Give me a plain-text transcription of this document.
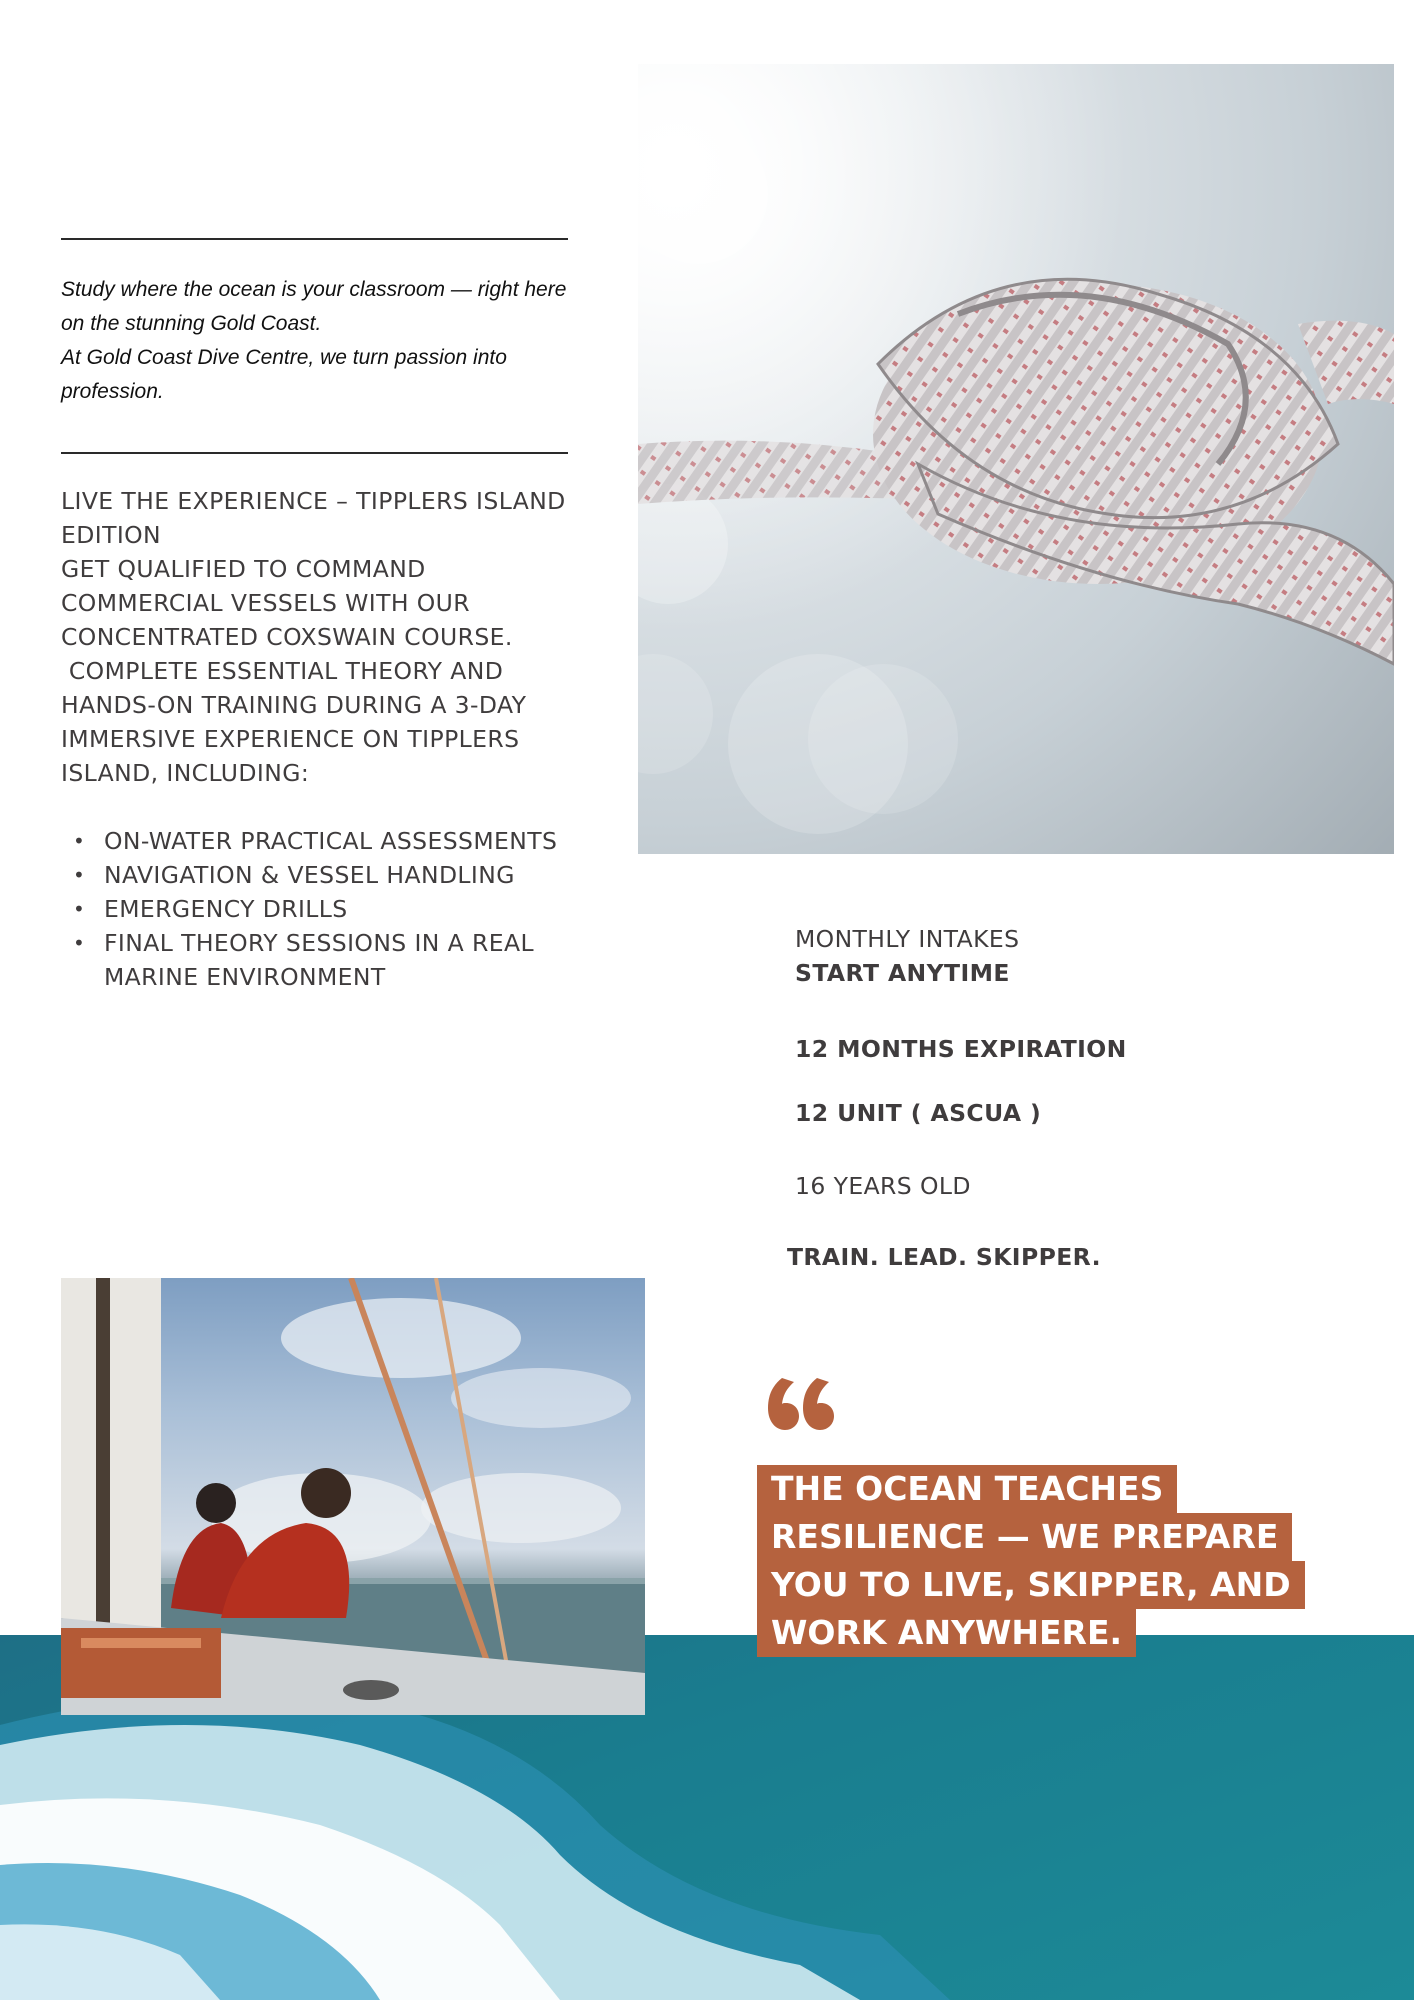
Study where the ocean is your classroom — right here on the stunning Gold Coast.

At Gold Coast Dive Centre, we turn passion into profession.

LIVE THE EXPERIENCE – TIPPLERS ISLAND EDITION

GET QUALIFIED TO COMMAND COMMERCIAL VESSELS WITH OUR CONCENTRATED COXSWAIN COURSE.

COMPLETE ESSENTIAL THEORY AND HANDS-ON TRAINING DURING A 3-DAY IMMERSIVE EXPERIENCE ON TIPPLERS ISLAND, INCLUDING:

• ON-WATER PRACTICAL ASSESSMENTS
• NAVIGATION & VESSEL HANDLING
• EMERGENCY DRILLS
• FINAL THEORY SESSIONS IN A REAL MARINE ENVIRONMENT
MONTHLY INTAKES
START ANYTIME
12 MONTHS EXPIRATION
12 UNIT ( ASCUA )
16 YEARS OLD
TRAIN. LEAD. SKIPPER.
THE OCEAN TEACHES
RESILIENCE — WE PREPARE
YOU TO LIVE, SKIPPER, AND
WORK ANYWHERE.
